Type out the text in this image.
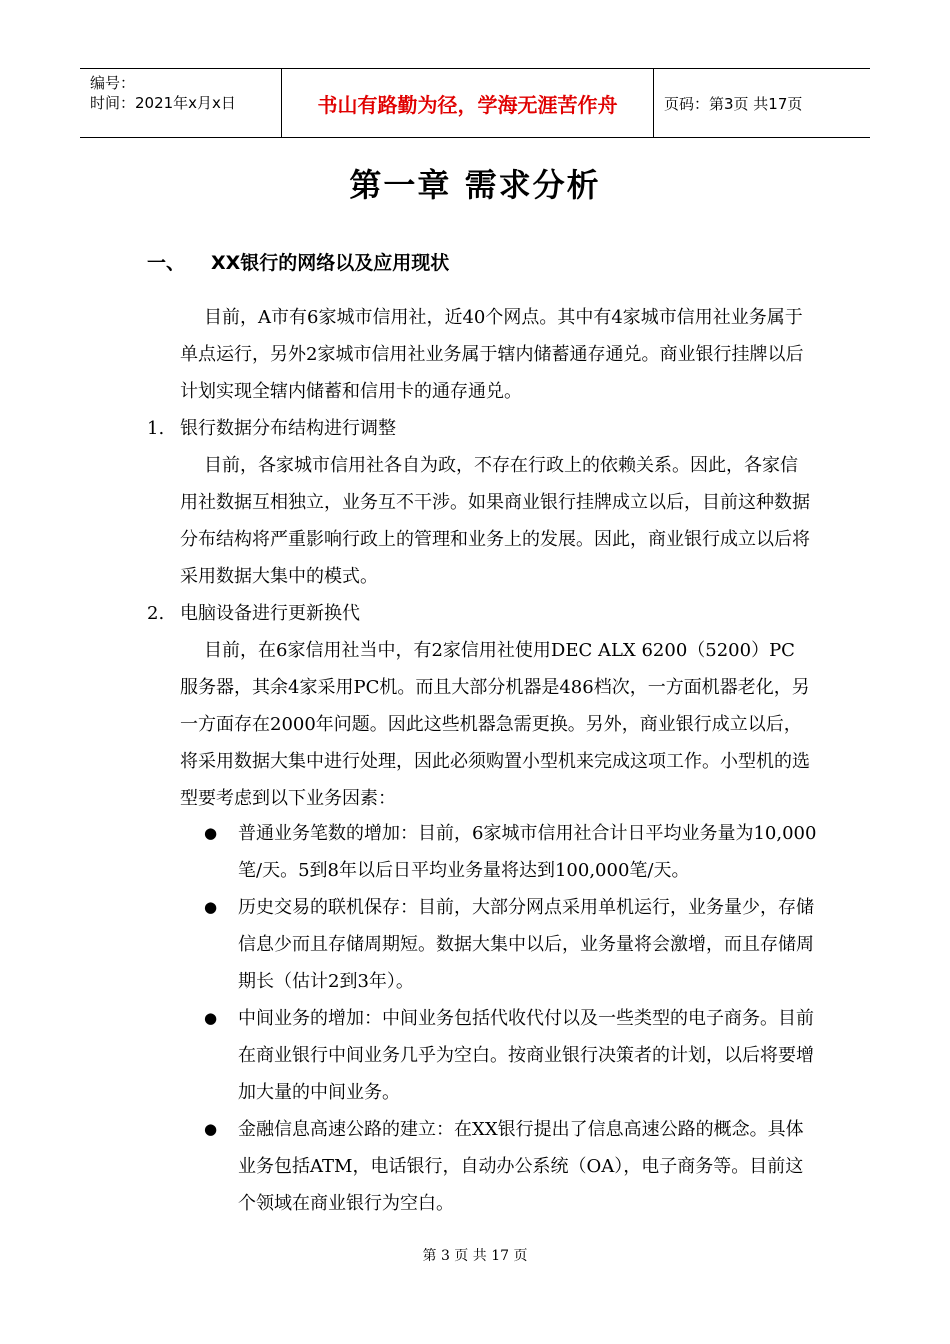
编号：
时间：2021年x月x日	书山有路勤为径，学海无涯苦作舟	页码：第3页 共17页
第一章 需求分析
一、 XX银行的网络以及应用现状

目前，A市有6家城市信用社，近40个网点。其中有4家城市信用社业务属于单点运行，另外2家城市信用社业务属于辖内储蓄通存通兑。商业银行挂牌以后计划实现全辖内储蓄和信用卡的通存通兑。

1. 银行数据分布结构进行调整

目前，各家城市信用社各自为政，不存在行政上的依赖关系。因此，各家信用社数据互相独立，业务互不干涉。如果商业银行挂牌成立以后，目前这种数据分布结构将严重影响行政上的管理和业务上的发展。因此，商业银行成立以后将采用数据大集中的模式。

2. 电脑设备进行更新换代

目前，在6家信用社当中，有2家信用社使用DEC ALX 6200（5200）PC服务器，其余4家采用PC机。而且大部分机器是486档次，一方面机器老化，另一方面存在2000年问题。因此这些机器急需更换。另外，商业银行成立以后，将采用数据大集中进行处理，因此必须购置小型机来完成这项工作。小型机的选型要考虑到以下业务因素：

●	普通业务笔数的增加：目前，6家城市信用社合计日平均业务量为10,000笔/天。5到8年以后日平均业务量将达到100,000笔/天。
●	历史交易的联机保存：目前，大部分网点采用单机运行，业务量少，存储信息少而且存储周期短。数据大集中以后，业务量将会激增，而且存储周期长（估计2到3年）。
●	中间业务的增加：中间业务包括代收代付以及一些类型的电子商务。目前在商业银行中间业务几乎为空白。按商业银行决策者的计划，以后将要增加大量的中间业务。
●	金融信息高速公路的建立：在XX银行提出了信息高速公路的概念。具体业务包括ATM，电话银行，自动办公系统（OA），电子商务等。目前这个领域在商业银行为空白。
第 3 页 共 17 页
